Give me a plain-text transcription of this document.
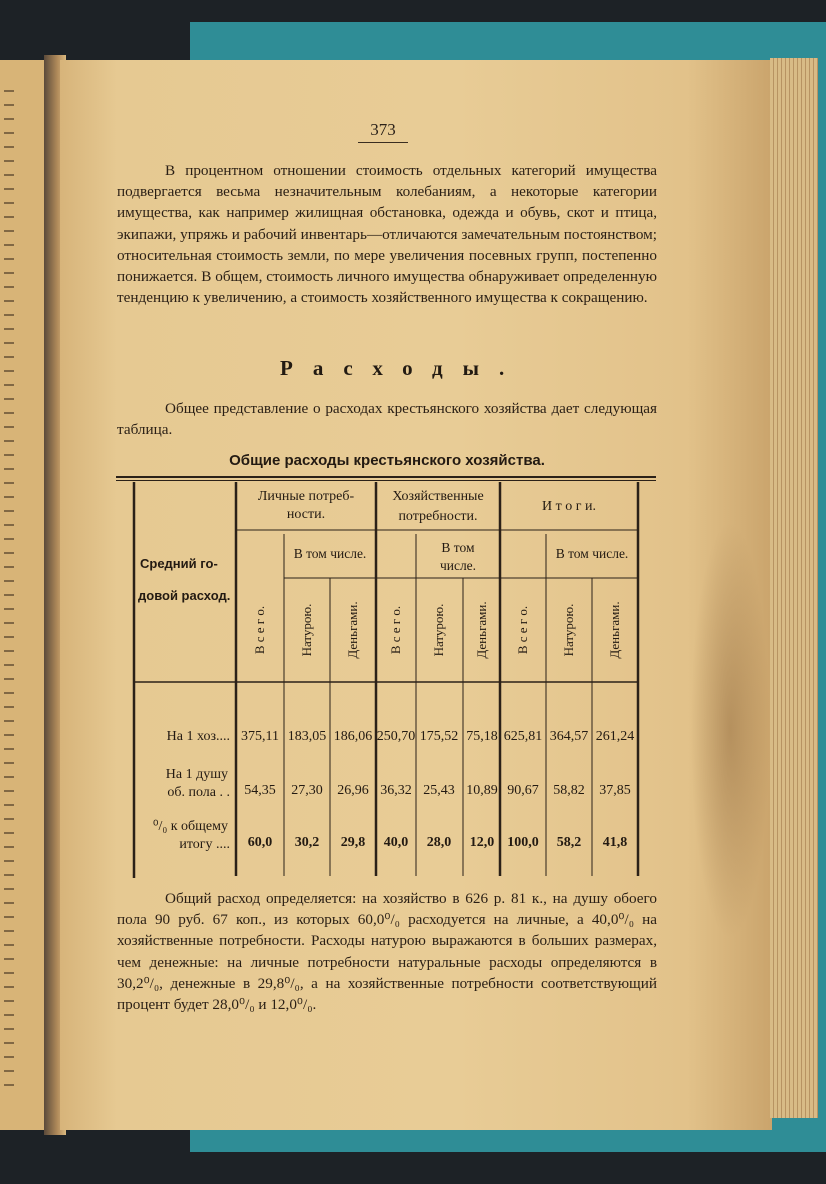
373

В процентном отношении стоимость отдельных категорий имущества подвергается весьма незначительным колебаниям, а некоторые категории имущества, как например жилищная обстановка, одежда и обувь, скот и птица, экипажи, упряжь и рабочий инвентарь—отличаются замечательным постоянством; относительная стоимость земли, по мере увеличения посевных групп, постепенно понижается. В общем, стоимость личного имущества обнаруживает определенную тенденцию к увеличению, а стоимость хозяйственного имущества к сокращению.

Расходы.

Общее представление о расходах крестьянского хозяйства дает следующая таблица.

Общие расходы крестьянского хозяйства.
Средний го-
довой расход.
Личные потреб-
ности.
Хозяйственные
потребности.
И т о г и.
В том числе.	В том
числе.
В том числе.
В с е г о. Натурою. Деньгами. В с е г о. Натурою. Деньгами. В с е г о. Натурою. Деньгами.
На 1 хоз.... 375,11 183,05 186,06 250,70 175,52 75,18 625,81 364,57 261,24
На 1 душу
об. пола . . 54,35 27,30 26,96 36,32 25,43 10,89 90,67 58,82 37,85
⁰/₀ к общему
итогу .... 60,0 30,2 29,8 40,0 28,0 12,0 100,0 58,2 41,8

Общий расход определяется: на хозяйство в 626 р. 81 к., на душу обоего пола 90 руб. 67 коп., из которых 60,0⁰/₀ расходуется на личные, а 40,0⁰/₀ на хозяйственные потребности. Расходы натурою выражаются в больших размерах, чем денежные: на личные потребности натуральные расходы определяются в 30,2⁰/₀, денежные в 29,8⁰/₀, а на хозяйственные потребности соответствующий процент будет 28,0⁰/₀ и 12,0⁰/₀.
